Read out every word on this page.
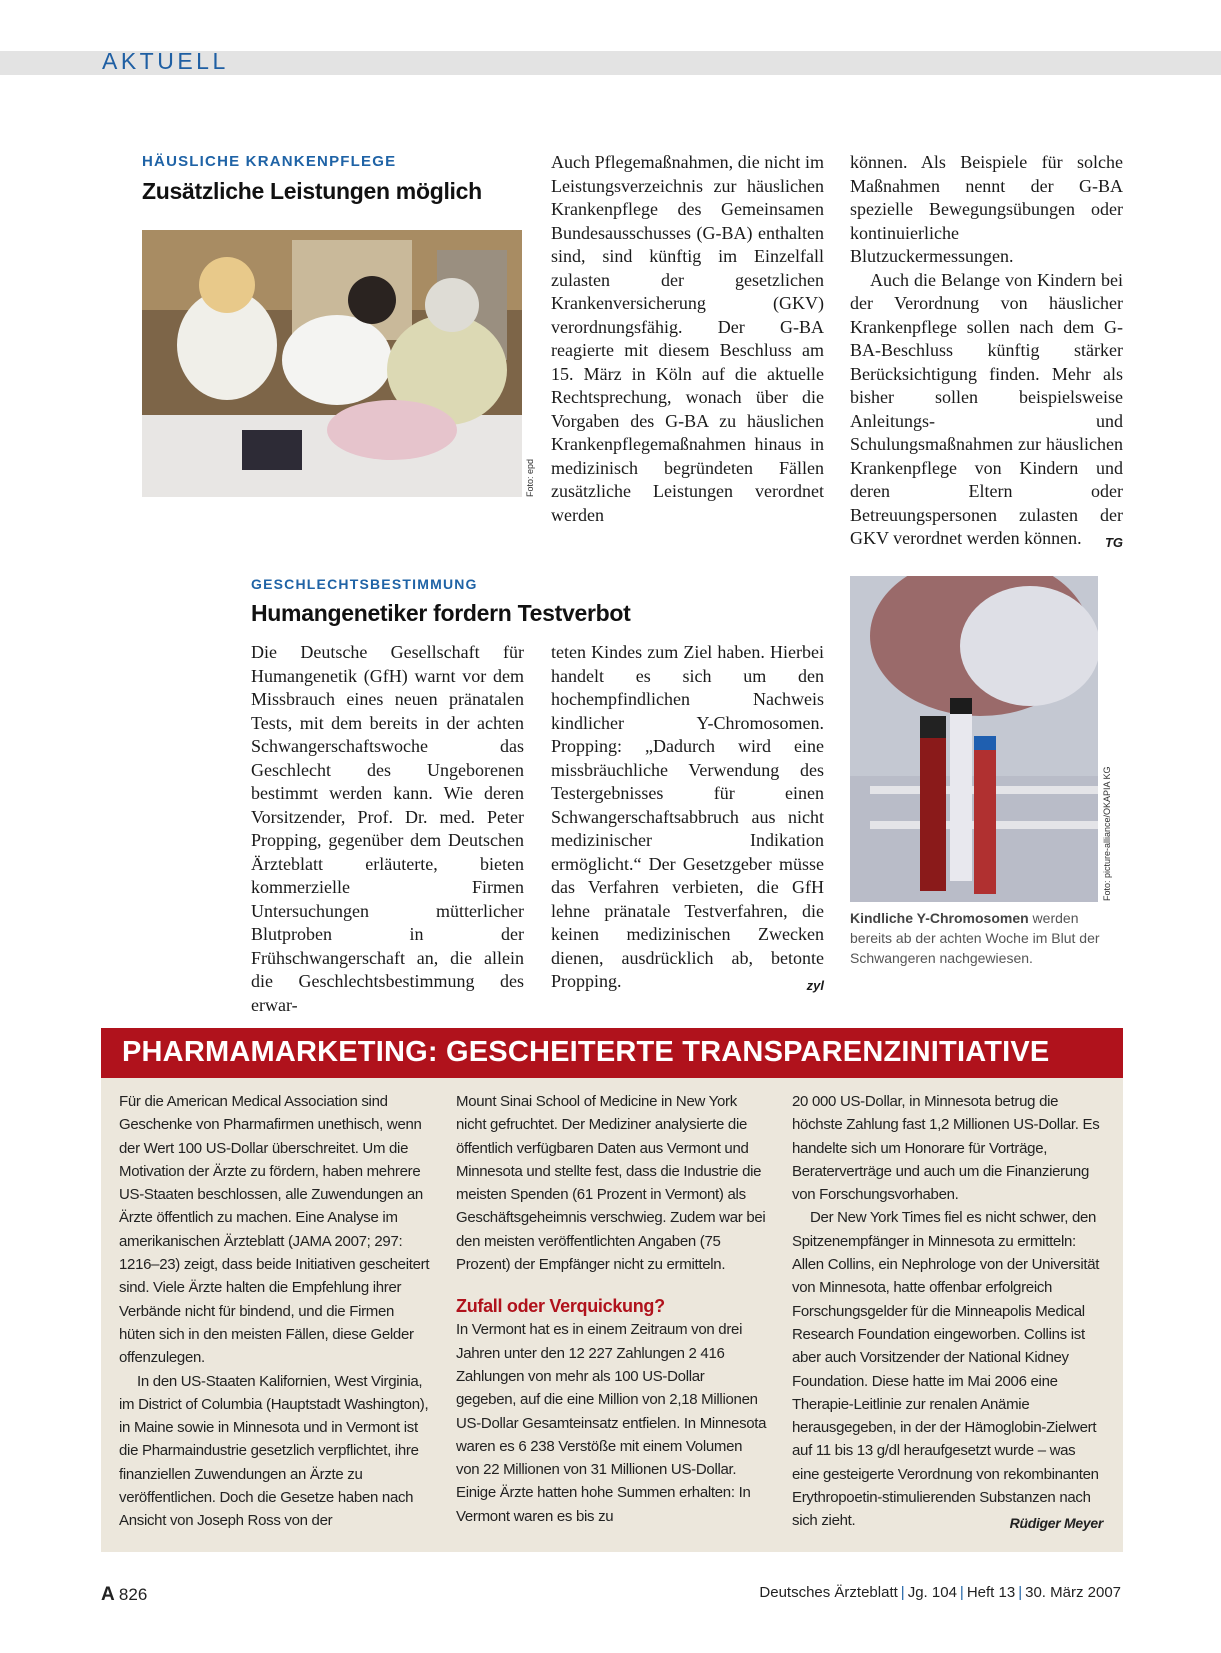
AKTUELL
HÄUSLICHE KRANKENPFLEGE
Zusätzliche Leistungen möglich
Foto: epd

Auch Pflegemaßnahmen, die nicht im Leistungsverzeichnis zur häuslichen Krankenpflege des Gemeinsamen Bundesausschusses (G-BA) enthalten sind, sind künftig im Einzelfall zulasten der gesetzlichen Krankenversicherung (GKV) verordnungsfähig. Der G-BA reagierte mit diesem Beschluss am 15. März in Köln auf die aktuelle Rechtsprechung, wonach über die Vorgaben des G-BA zu häuslichen Krankenpflegemaßnahmen hinaus in medizinisch begründeten Fällen zusätzliche Leistungen verordnet werden

können. Als Beispiele für solche Maßnahmen nennt der G-BA spezielle Bewegungsübungen oder kontinuierliche Blutzuckermessungen.

Auch die Belange von Kindern bei der Verordnung von häuslicher Krankenpflege sollen nach dem G-BA-Beschluss künftig stärker Berücksichtigung finden. Mehr als bisher sollen beispielsweise Anleitungs- und Schulungsmaßnahmen zur häuslichen Krankenpflege von Kindern und deren Eltern oder Betreuungspersonen zulasten der GKV verordnet werden können.	TG

GESCHLECHTSBESTIMMUNG
Humangenetiker fordern Testverbot

Die Deutsche Gesellschaft für Humangenetik (GfH) warnt vor dem Missbrauch eines neuen pränatalen Tests, mit dem bereits in der achten Schwangerschaftswoche das Geschlecht des Ungeborenen bestimmt werden kann. Wie deren Vorsitzender, Prof. Dr. med. Peter Propping, gegenüber dem Deutschen Ärzteblatt erläuterte, bieten kommerzielle Firmen Untersuchungen mütterlicher Blutproben in der Frühschwangerschaft an, die allein die Geschlechtsbestimmung des erwar-

teten Kindes zum Ziel haben. Hierbei handelt es sich um den hochempfindlichen Nachweis kindlicher Y-Chromosomen. Propping: „Dadurch wird eine missbräuchliche Verwendung des Testergebnisses für einen Schwangerschaftsabbruch aus nicht medizinischer Indikation ermöglicht.“ Der Gesetzgeber müsse das Verfahren verbieten, die GfH lehne pränatale Testverfahren, die keinen medizinischen Zwecken dienen, ausdrücklich ab, betonte Propping.	zyl

Foto: picture-alliance/OKAPIA KG
Kindliche Y-Chromosomen werden bereits ab der achten Woche im Blut der Schwangeren nachgewiesen.
PHARMAMARKETING: GESCHEITERTE TRANSPARENZINITIATIVE

Für die American Medical Association sind Geschenke von Pharmafirmen unethisch, wenn der Wert 100 US-Dollar überschreitet. Um die Motivation der Ärzte zu fördern, haben mehrere US-Staaten beschlossen, alle Zuwendungen an Ärzte öffentlich zu machen. Eine Analyse im amerikanischen Ärzteblatt (JAMA 2007; 297: 1216–23) zeigt, dass beide Initiativen gescheitert sind. Viele Ärzte halten die Empfehlung ihrer Verbände nicht für bindend, und die Firmen hüten sich in den meisten Fällen, diese Gelder offenzulegen.

In den US-Staaten Kalifornien, West Virginia, im District of Columbia (Hauptstadt Washington), in Maine sowie in Minnesota und in Vermont ist die Pharmaindustrie gesetzlich verpflichtet, ihre finanziellen Zuwendungen an Ärzte zu veröffentlichen. Doch die Gesetze haben nach Ansicht von Joseph Ross von der

Mount Sinai School of Medicine in New York nicht gefruchtet. Der Mediziner analysierte die öffentlich verfügbaren Daten aus Vermont und Minnesota und stellte fest, dass die Industrie die meisten Spenden (61 Prozent in Vermont) als Geschäftsgeheimnis verschwieg. Zudem war bei den meisten veröffentlichten Angaben (75 Prozent) der Empfänger nicht zu ermitteln.

Zufall oder Verquickung?

In Vermont hat es in einem Zeitraum von drei Jahren unter den 12 227 Zahlungen 2 416 Zahlungen von mehr als 100 US-Dollar gegeben, auf die eine Million von 2,18 Millionen US-Dollar Gesamteinsatz entfielen. In Minnesota waren es 6 238 Verstöße mit einem Volumen von 22 Millionen von 31 Millionen US-Dollar. Einige Ärzte hatten hohe Summen erhalten: In Vermont waren es bis zu

20 000 US-Dollar, in Minnesota betrug die höchste Zahlung fast 1,2 Millionen US-Dollar. Es handelte sich um Honorare für Vorträge, Beraterverträge und auch um die Finanzierung von Forschungsvorhaben.

Der New York Times fiel es nicht schwer, den Spitzenempfänger in Minnesota zu ermitteln: Allen Collins, ein Nephrologe von der Universität von Minnesota, hatte offenbar erfolgreich Forschungsgelder für die Minneapolis Medical Research Foundation eingeworben. Collins ist aber auch Vorsitzender der National Kidney Foundation. Diese hatte im Mai 2006 eine Therapie-Leitlinie zur renalen Anämie herausgegeben, in der der Hämoglobin-Zielwert auf 11 bis 13 g/dl heraufgesetzt wurde – was eine gesteigerte Verordnung von rekombinanten Erythropoetin-stimulierenden Substanzen nach sich zieht.	Rüdiger Meyer

A 826	Deutsches Ärzteblatt | Jg. 104 | Heft 13 | 30. März 2007
